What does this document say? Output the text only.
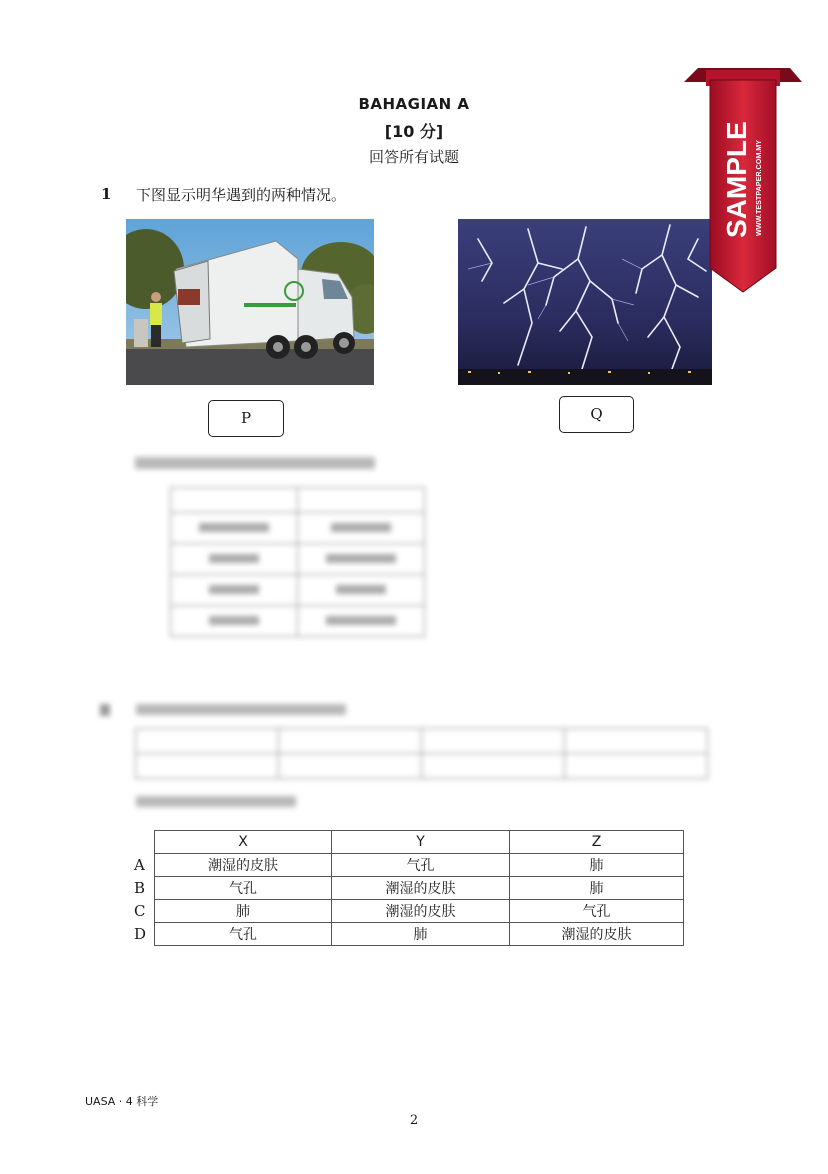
BAHAGIAN A
[10 分]
回答所有试题
1 下图显示明华遇到的两种情况。
P	Q

	X	Y	Z
A	潮湿的皮肤	气孔	肺
B	气孔	潮湿的皮肤	肺
C	肺	潮湿的皮肤	气孔
D	气孔	肺	潮湿的皮肤
UASA · 4 科学
2
SAMPLE WWW.TESTPAPER.COM.MY
